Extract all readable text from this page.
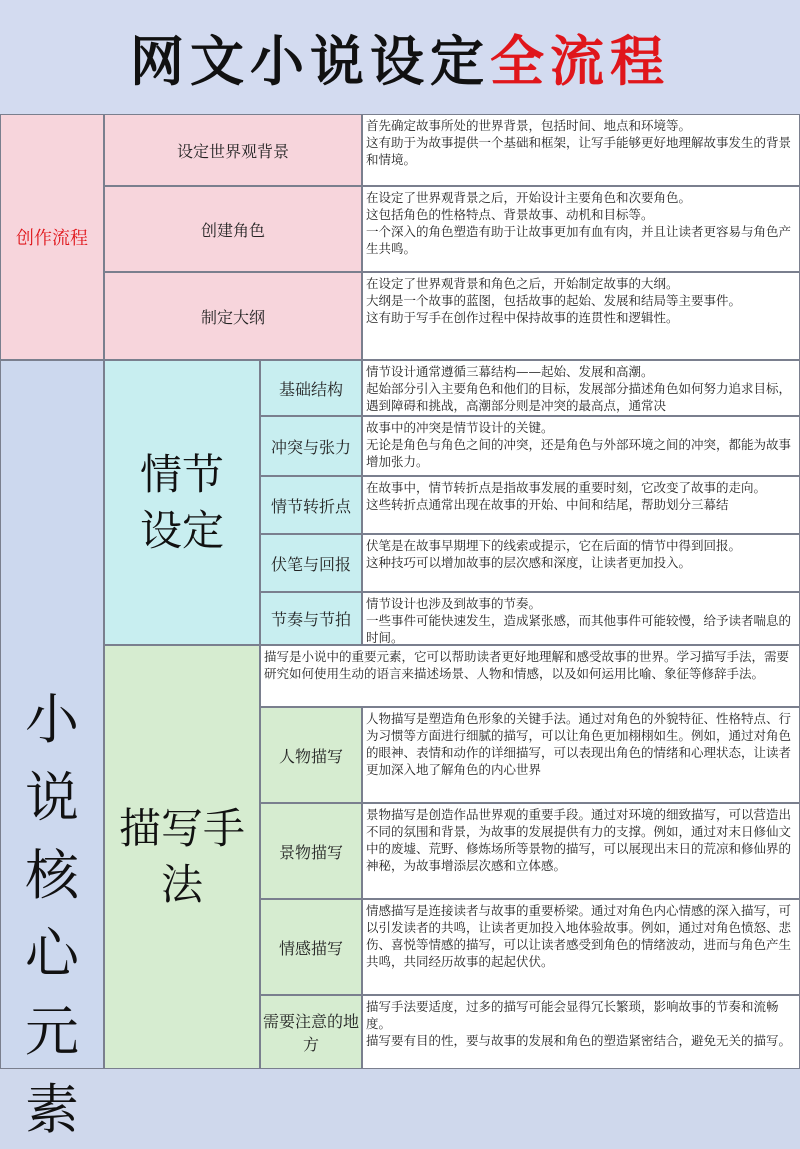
网文小说设定 全流程
创作流程
设定世界观背景

首先确定故事所处的世界背景，包括时间、地点和环境等。

这有助于为故事提供一个基础和框架，让写手能够更好地理解故事发生的背景和情境。

创建角色

在设定了世界观背景之后，开始设计主要角色和次要角色。

这包括角色的性格特点、背景故事、动机和目标等。

一个深入的角色塑造有助于让故事更加有血有肉，并且让读者更容易与角色产生共鸣。

制定大纲

在设定了世界观背景和角色之后，开始制定故事的大纲。

大纲是一个故事的蓝图，包括故事的起始、发展和结局等主要事件。

这有助于写手在创作过程中保持故事的连贯性和逻辑性。

小说核心元素
情节设定
基础结构

情节设计通常遵循三幕结构——起始、发展和高潮。

起始部分引入主要角色和他们的目标，发展部分描述角色如何努力追求目标，遇到障碍和挑战，高潮部分则是冲突的最高点，通常决

冲突与张力

故事中的冲突是情节设计的关键。

无论是角色与角色之间的冲突，还是角色与外部环境之间的冲突，都能为故事增加张力。

情节转折点

在故事中，情节转折点是指故事发展的重要时刻，它改变了故事的走向。

这些转折点通常出现在故事的开始、中间和结尾，帮助划分三幕结

伏笔与回报

伏笔是在故事早期埋下的线索或提示，它在后面的情节中得到回报。

这种技巧可以增加故事的层次感和深度，让读者更加投入。

节奏与节拍

情节设计也涉及到故事的节奏。

一些事件可能快速发生，造成紧张感，而其他事件可能较慢，给予读者喘息的时间。

描写手法

描写是小说中的重要元素，它可以帮助读者更好地理解和感受故事的世界。学习描写手法，需要研究如何使用生动的语言来描述场景、人物和情感，以及如何运用比喻、象征等修辞手法。

人物描写

人物描写是塑造角色形象的关键手法。通过对角色的外貌特征、性格特点、行为习惯等方面进行细腻的描写，可以让角色更加栩栩如生。例如，通过对角色的眼神、表情和动作的详细描写，可以表现出角色的情绪和心理状态，让读者更加深入地了解角色的内心世界

景物描写

景物描写是创造作品世界观的重要手段。通过对环境的细致描写，可以营造出不同的氛围和背景，为故事的发展提供有力的支撑。例如，通过对末日修仙文中的废墟、荒野、修炼场所等景物的描写，可以展现出末日的荒凉和修仙界的神秘，为故事增添层次感和立体感。

情感描写

情感描写是连接读者与故事的重要桥梁。通过对角色内心情感的深入描写，可以引发读者的共鸣，让读者更加投入地体验故事。例如，通过对角色愤怒、悲伤、喜悦等情感的描写，可以让读者感受到角色的情绪波动，进而与角色产生共鸣，共同经历故事的起起伏伏。

需要注意的地方

描写手法要适度，过多的描写可能会显得冗长繁琐，影响故事的节奏和流畅度。

描写要有目的性，要与故事的发展和角色的塑造紧密结合，避免无关的描写。
